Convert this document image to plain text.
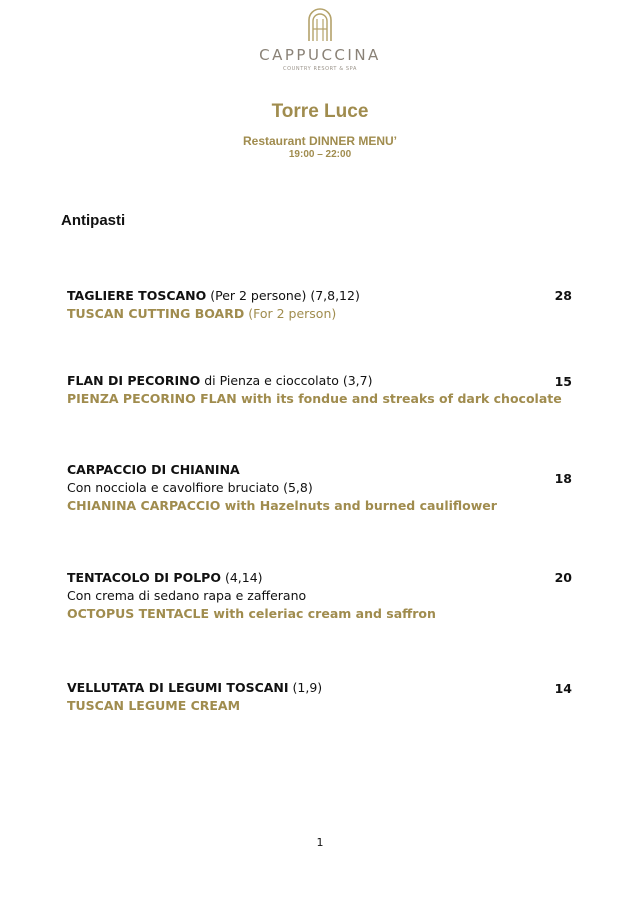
CAPPUCCINA
COUNTRY RESORT & SPA
Torre Luce
Restaurant DINNER MENU’
19:00 – 22:00
Antipasti
TAGLIERE TOSCANO (Per 2 persone) (7,8,12)
TUSCAN CUTTING BOARD (For 2 person)
28
FLAN DI PECORINO di Pienza e cioccolato (3,7)
PIENZA PECORINO FLAN with its fondue and streaks of dark chocolate
15
CARPACCIO DI CHIANINA
Con nocciola e cavolfiore bruciato (5,8)
CHIANINA CARPACCIO with Hazelnuts and burned cauliflower
18
TENTACOLO DI POLPO (4,14)
Con crema di sedano rapa e zafferano
OCTOPUS TENTACLE with celeriac cream and saffron
20
VELLUTATA DI LEGUMI TOSCANI (1,9)
TUSCAN LEGUME CREAM
14
1
